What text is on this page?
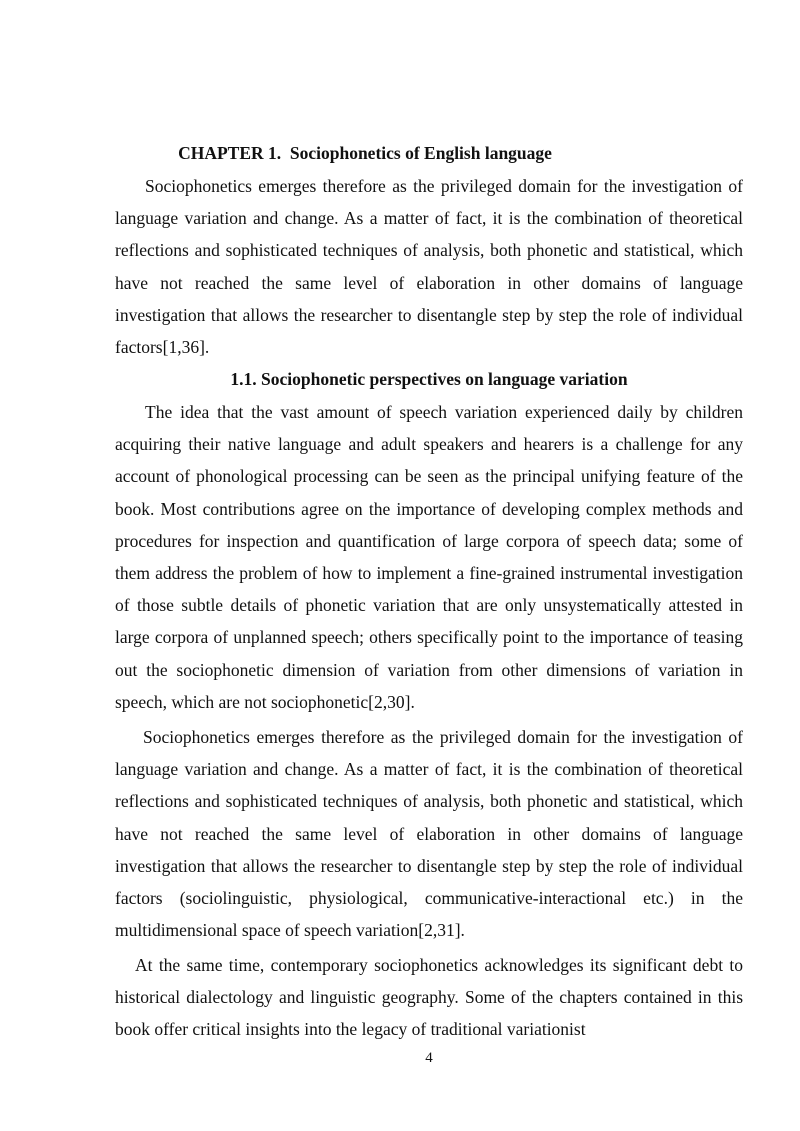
CHAPTER 1.  Sociophonetics of English language

Sociophonetics emerges therefore as the privileged domain for the investigation of language variation and change. As a matter of fact, it is the combination of theoretical reflections and sophisticated techniques of analysis, both phonetic and statistical, which have not reached the same level of elaboration in other domains of language investigation that allows the researcher to disentangle step by step the role of individual factors[1,36].

1.1. Sociophonetic perspectives on language variation

The idea that the vast amount of speech variation experienced daily by children acquiring their native language and adult speakers and hearers is a challenge for any account of phonological processing can be seen as the principal unifying feature of the book. Most contributions agree on the importance of developing complex methods and procedures for inspection and quantification of large corpora of speech data; some of them address the problem of how to implement a fine-grained instrumental investigation of those subtle details of phonetic variation that are only unsystematically attested in large corpora of unplanned speech; others specifically point to the importance of teasing out the sociophonetic dimension of variation from other dimensions of variation in speech, which are not sociophonetic[2,30].

Sociophonetics emerges therefore as the privileged domain for the investigation of language variation and change. As a matter of fact, it is the combination of theoretical reflections and sophisticated techniques of analysis, both phonetic and statistical, which have not reached the same level of elaboration in other domains of language investigation that allows the researcher to disentangle step by step the role of individual factors (sociolinguistic, physiological, communicative-interactional etc.) in the multidimensional space of speech variation[2,31].

At the same time, contemporary sociophonetics acknowledges its significant debt to historical dialectology and linguistic geography. Some of the chapters contained in this book offer critical insights into the legacy of traditional variationist

4
